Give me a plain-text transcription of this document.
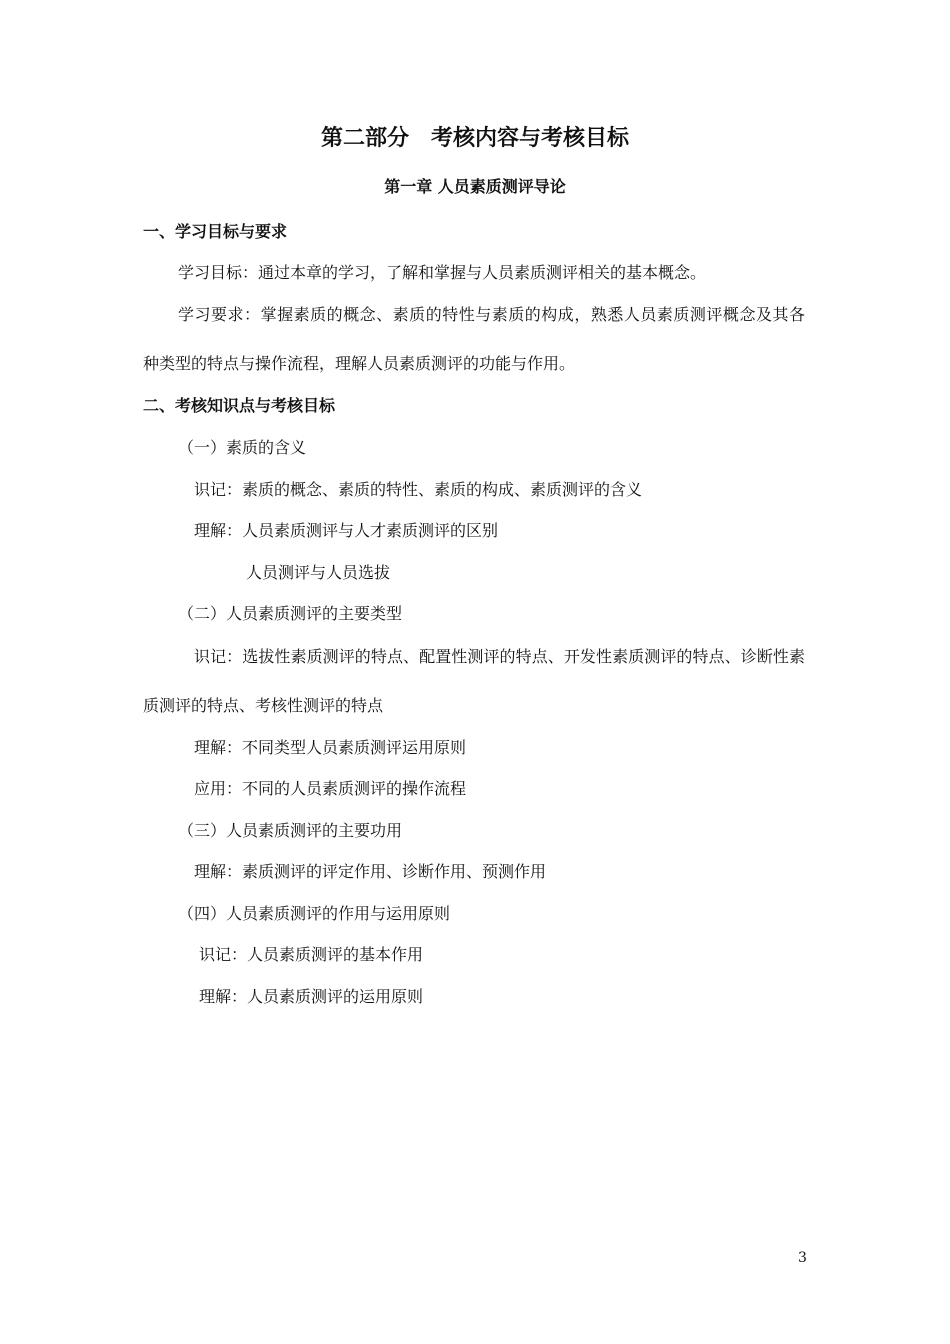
第二部分　考核内容与考核目标
第一章 人员素质测评导论
一、学习目标与要求
学习目标：通过本章的学习，了解和掌握与人员素质测评相关的基本概念。
学习要求：掌握素质的概念、素质的特性与素质的构成，熟悉人员素质测评概念及其各
种类型的特点与操作流程，理解人员素质测评的功能与作用。
二、考核知识点与考核目标
（一）素质的含义
识记：素质的概念、素质的特性、素质的构成、素质测评的含义
理解：人员素质测评与人才素质测评的区别
人员测评与人员选拔
（二）人员素质测评的主要类型
识记：选拔性素质测评的特点、配置性测评的特点、开发性素质测评的特点、诊断性素
质测评的特点、考核性测评的特点
理解：不同类型人员素质测评运用原则
应用：不同的人员素质测评的操作流程
（三）人员素质测评的主要功用
理解：素质测评的评定作用、诊断作用、预测作用
（四）人员素质测评的作用与运用原则
识记：人员素质测评的基本作用
理解：人员素质测评的运用原则
3
